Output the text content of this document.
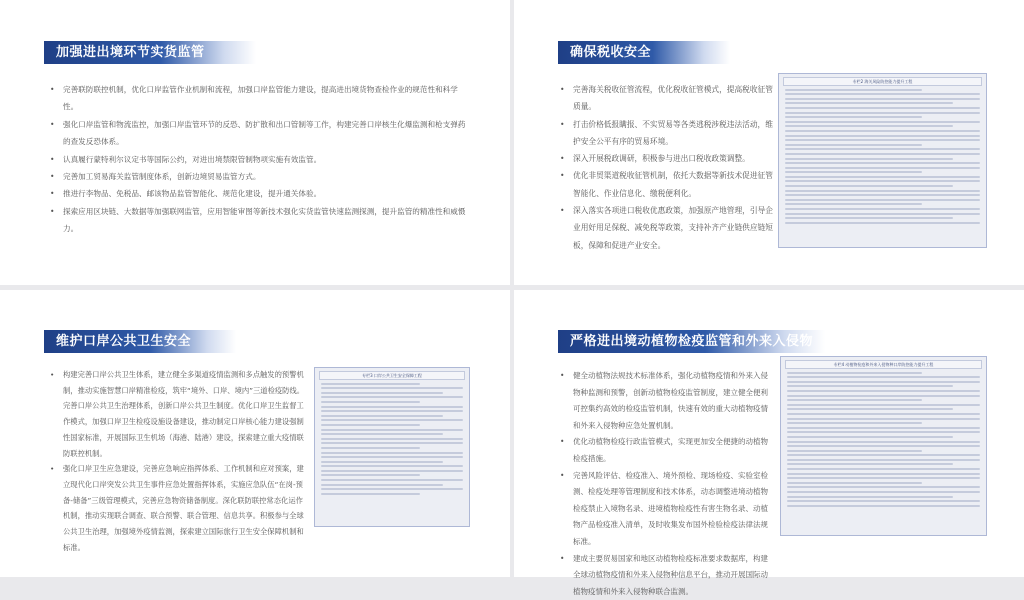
加强进出境环节实货监管
• 完善联防联控机制，优化口岸监管作业机制和流程，加强口岸监管能力建设，提高进出境货物查检作业的规范性和科学性。
• 强化口岸监管和物流监控，加强口岸监管环节的反恐、防扩散和出口管制等工作，构建完善口岸核生化爆监测和枪支弹药的查发反恐体系。
• 认真履行蒙特利尔议定书等国际公约，对进出境禁限管制物项实施有效监管。
• 完善加工贸易海关监管制度体系，创新边境贸易监管方式。
• 推进行李物品、免税品、邮该物品监管智能化、规范化建设，提升通关体验。
• 探索应用区块链、大数据等加强联网监管，应用智能审图等新技术强化实货监管快速监测探测，提升监管的精准性和威慑力。
确保税收安全
• 完善海关税收征管流程，优化税收征管模式，提高税收征管质量。
• 打击价格低报瞒报、不实贸易等各类逃税涉税违法活动，维护安全公平有序的贸易环境。
• 深入开展税政调研，积极参与进出口税收政策调整。
• 优化非贸渠道税收征管机制，依托大数据等新技术促进征管智能化、作业信息化、缴税便利化。
• 深入落实各项进口税收优惠政策，加强原产地管理，引导企业用好用足保税、减免税等政策，支持补齐产业链供应链短板，保障和促进产业安全。
专栏2 海关风险防控能力提升工程
维护口岸公共卫生安全
• 构建完善口岸公共卫生体系，建立健全多渠道疫情监测和多点触发的预警机制，推动实施智慧口岸精准检疫，筑牢“境外、口岸、境内”三道检疫防线。完善口岸公共卫生治理体系，创新口岸公共卫生制度。优化口岸卫生监督工作模式，加强口岸卫生检疫设施设备建设，推动制定口岸核心能力建设强制性国家标准，开展国际卫生机场（海港、陆港）建设，探索建立重大疫情联防联控机制。
• 强化口岸卫生应急建设，完善应急响应指挥体系、工作机制和应对预案，建立现代化口岸突发公共卫生事件应急处置指挥体系，实施应急队伍“在岗-预备-储备”三级管理模式，完善应急物资储备制度。深化联防联控常态化运作机制，推动实现联合调查、联合预警、联合管理、信息共享。积极参与全球公共卫生治理，加强境外疫情监测，探索建立国际旅行卫生安全保障机制和标准。
专栏3 口岸公共卫生安全保障工程
严格进出境动植物检疫监管和外来入侵物种口
• 健全动植物法规技术标准体系，强化动植物疫情和外来入侵物种监测和预警，创新动植物检疫监管制度，建立健全便利可控集约高效的检疫监管机制，快速有效的重大动植物疫情和外来入侵物种应急处置机制。
• 优化动植物检疫行政监管模式，实现更加安全便捷的动植物检疫措施。
• 完善风险评估、检疫准入、境外预检、现场检疫、实验室检测、检疫处理等管理制度和技术体系，动态调整进境动植物检疫禁止入境物名录、进境植物检疫性有害生物名录、动植物产品检疫准入清单，及时收集发布国外检验检疫法律法规标准。
• 建成主要贸易国家和地区动植物检疫标准要求数据库，构建全球动植物疫情和外来入侵物种信息平台，推动开展国际动植物疫情和外来入侵物种联合监测。
专栏4 动植物检疫和外来入侵物种口岸防控能力提升工程
